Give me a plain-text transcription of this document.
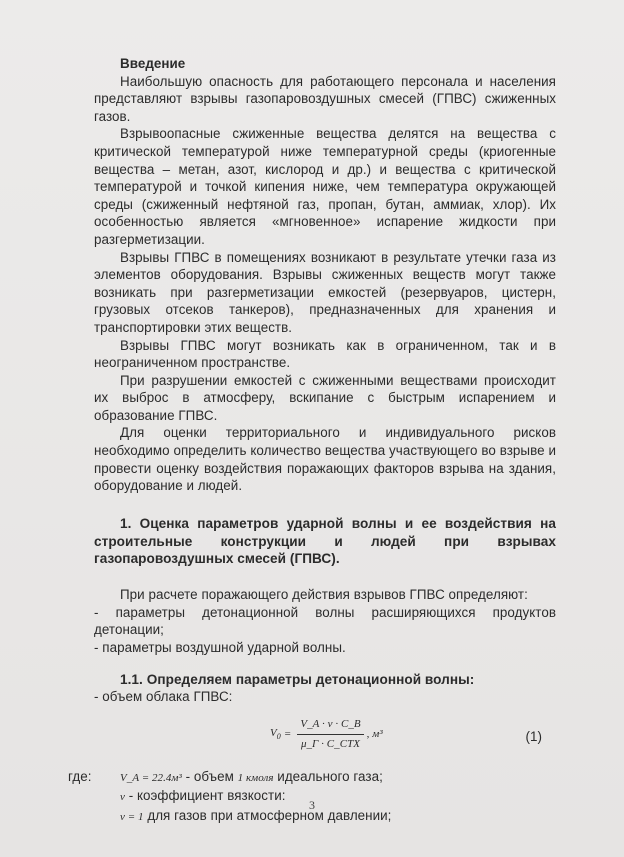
Введение

Наибольшую опасность для работающего персонала и населения представляют взрывы газопаровоздушных смесей (ГПВС) сжиженных газов.

Взрывоопасные сжиженные вещества делятся на вещества с критической температурой ниже температурной среды (криогенные вещества – метан, азот, кислород и др.) и вещества с критической температурой и точкой кипения ниже, чем температура окружающей среды (сжиженный нефтяной газ, пропан, бутан, аммиак, хлор). Их особенностью является «мгновенное» испарение жидкости при разгерметизации.

Взрывы ГПВС в помещениях возникают в результате утечки газа из элементов оборудования. Взрывы сжиженных веществ могут также возникать при разгерметизации емкостей (резервуаров, цистерн, грузовых отсеков танкеров), предназначенных для хранения и транспортировки этих веществ.

Взрывы ГПВС могут возникать как в ограниченном, так и в неограниченном пространстве.

При разрушении емкостей с сжиженными веществами происходит их выброс в атмосферу, вскипание с быстрым испарением и образование ГПВС.

Для оценки территориального и индивидуального рисков необходимо определить количество вещества участвующего во взрыве и провести оценку воздействия поражающих факторов взрыва на здания, оборудование и людей.

1. Оценка параметров ударной волны и ее воздействия на строительные конструкции и людей при взрывах газопаровоздушных смесей (ГПВС).

При расчете поражающего действия взрывов ГПВС определяют:

- параметры детонационной волны расширяющихся продуктов детонации;

- параметры воздушной ударной волны.

1.1. Определяем параметры детонационной волны:

- объем облака ГПВС:

$V_0 = \frac{V\_A \cdot \nu \cdot C\_B}{\text{μ\_Г · C\_СТХ}}$ , м³	(1)
где:	V_A = 22.4м³ - объем 1 кмоля идеального газа;
ν - коэффициент вязкости:
ν = 1 для газов при атмосферном давлении;
3
